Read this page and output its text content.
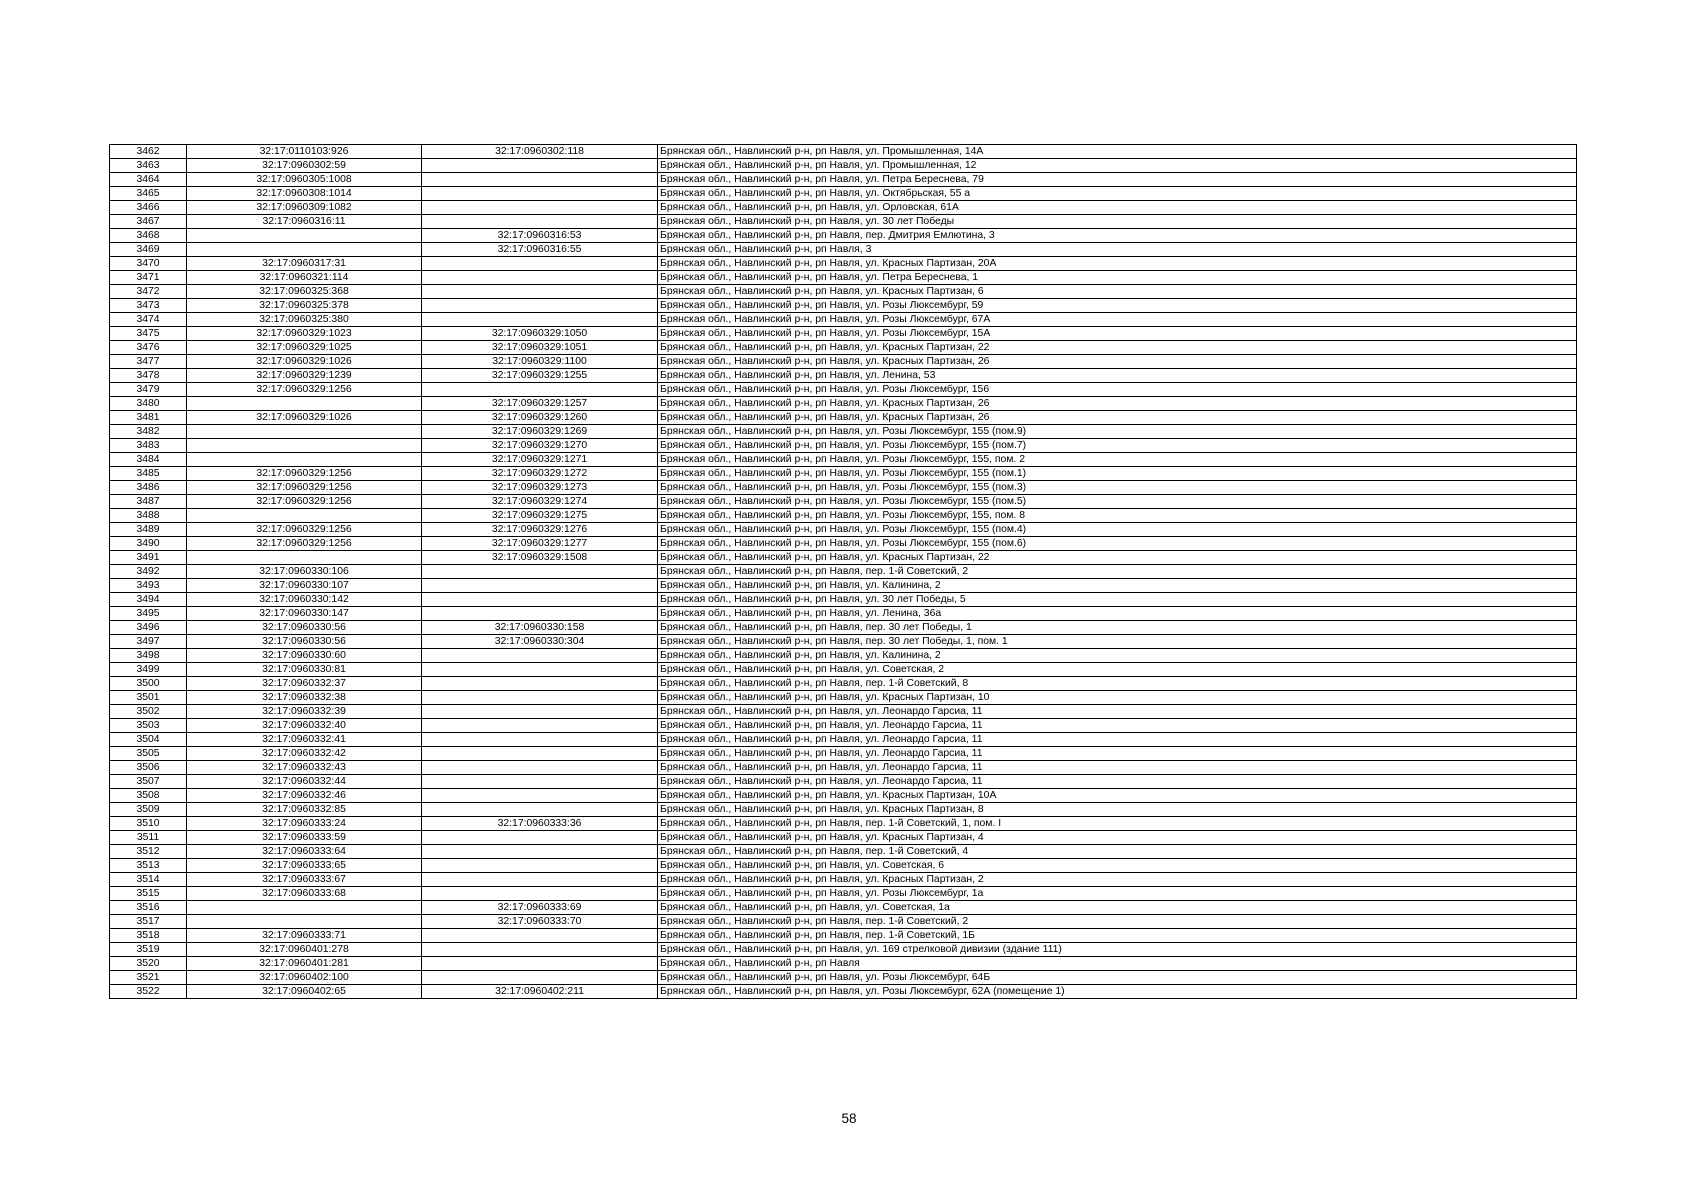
3462	32:17:0110103:926	32:17:0960302:118	Брянская обл., Навлинский р-н, рп Навля, ул. Промышленная, 14А
3463	32:17:0960302:59		Брянская обл., Навлинский р-н, рп Навля, ул. Промышленная, 12
3464	32:17:0960305:1008		Брянская обл., Навлинский р-н, рп Навля, ул. Петра Береснева, 79
3465	32:17:0960308:1014		Брянская обл., Навлинский р-н, рп Навля, ул. Октябрьская, 55 а
3466	32:17:0960309:1082		Брянская обл., Навлинский р-н, рп Навля, ул. Орловская, 61А
3467	32:17:0960316:11		Брянская обл., Навлинский р-н, рп Навля, ул. 30 лет Победы
3468		32:17:0960316:53	Брянская обл., Навлинский р-н, рп Навля, пер. Дмитрия Емлютина, 3
3469		32:17:0960316:55	Брянская обл., Навлинский р-н, рп Навля, 3
3470	32:17:0960317:31		Брянская обл., Навлинский р-н, рп Навля, ул. Красных Партизан, 20А
3471	32:17:0960321:114		Брянская обл., Навлинский р-н, рп Навля, ул. Петра Береснева, 1
3472	32:17:0960325:368		Брянская обл., Навлинский р-н, рп Навля, ул. Красных Партизан, 6
3473	32:17:0960325:378		Брянская обл., Навлинский р-н, рп Навля, ул. Розы Люксембург, 59
3474	32:17:0960325:380		Брянская обл., Навлинский р-н, рп Навля, ул. Розы Люксембург, 67А
3475	32:17:0960329:1023	32:17:0960329:1050	Брянская обл., Навлинский р-н, рп Навля, ул. Розы Люксембург, 15А
3476	32:17:0960329:1025	32:17:0960329:1051	Брянская обл., Навлинский р-н, рп Навля, ул. Красных Партизан, 22
3477	32:17:0960329:1026	32:17:0960329:1100	Брянская обл., Навлинский р-н, рп Навля, ул. Красных Партизан, 26
3478	32:17:0960329:1239	32:17:0960329:1255	Брянская обл., Навлинский р-н, рп Навля, ул. Ленина, 53
3479	32:17:0960329:1256		Брянская обл., Навлинский р-н, рп Навля, ул. Розы Люксембург, 156
3480		32:17:0960329:1257	Брянская обл., Навлинский р-н, рп Навля, ул. Красных Партизан, 26
3481	32:17:0960329:1026	32:17:0960329:1260	Брянская обл., Навлинский р-н, рп Навля, ул. Красных Партизан, 26
3482		32:17:0960329:1269	Брянская обл., Навлинский р-н, рп Навля, ул. Розы Люксембург, 155 (пом.9)
3483		32:17:0960329:1270	Брянская обл., Навлинский р-н, рп Навля, ул. Розы Люксембург, 155 (пом.7)
3484		32:17:0960329:1271	Брянская обл., Навлинский р-н, рп Навля, ул. Розы Люксембург, 155, пом. 2
3485	32:17:0960329:1256	32:17:0960329:1272	Брянская обл., Навлинский р-н, рп Навля, ул. Розы Люксембург, 155 (пом.1)
3486	32:17:0960329:1256	32:17:0960329:1273	Брянская обл., Навлинский р-н, рп Навля, ул. Розы Люксембург, 155 (пом.3)
3487	32:17:0960329:1256	32:17:0960329:1274	Брянская обл., Навлинский р-н, рп Навля, ул. Розы Люксембург, 155 (пом.5)
3488		32:17:0960329:1275	Брянская обл., Навлинский р-н, рп Навля, ул. Розы Люксембург, 155, пом. 8
3489	32:17:0960329:1256	32:17:0960329:1276	Брянская обл., Навлинский р-н, рп Навля, ул. Розы Люксембург, 155 (пом.4)
3490	32:17:0960329:1256	32:17:0960329:1277	Брянская обл., Навлинский р-н, рп Навля, ул. Розы Люксембург, 155 (пом.6)
3491		32:17:0960329:1508	Брянская обл., Навлинский р-н, рп Навля, ул. Красных Партизан, 22
3492	32:17:0960330:106		Брянская обл., Навлинский р-н, рп Навля, пер. 1-й Советский, 2
3493	32:17:0960330:107		Брянская обл., Навлинский р-н, рп Навля, ул. Калинина, 2
3494	32:17:0960330:142		Брянская обл., Навлинский р-н, рп Навля, ул. 30 лет Победы, 5
3495	32:17:0960330:147		Брянская обл., Навлинский р-н, рп Навля, ул. Ленина, 36а
3496	32:17:0960330:56	32:17:0960330:158	Брянская обл., Навлинский р-н, рп Навля, пер. 30 лет Победы, 1
3497	32:17:0960330:56	32:17:0960330:304	Брянская обл., Навлинский р-н, рп Навля, пер. 30 лет Победы, 1, пом. 1
3498	32:17:0960330:60		Брянская обл., Навлинский р-н, рп Навля, ул. Калинина, 2
3499	32:17:0960330:81		Брянская обл., Навлинский р-н, рп Навля, ул. Советская, 2
3500	32:17:0960332:37		Брянская обл., Навлинский р-н, рп Навля, пер. 1-й Советский, 8
3501	32:17:0960332:38		Брянская обл., Навлинский р-н, рп Навля, ул. Красных Партизан, 10
3502	32:17:0960332:39		Брянская обл., Навлинский р-н, рп Навля, ул. Леонардо Гарсиа, 11
3503	32:17:0960332:40		Брянская обл., Навлинский р-н, рп Навля, ул. Леонардо Гарсиа, 11
3504	32:17:0960332:41		Брянская обл., Навлинский р-н, рп Навля, ул. Леонардо Гарсиа, 11
3505	32:17:0960332:42		Брянская обл., Навлинский р-н, рп Навля, ул. Леонардо Гарсиа, 11
3506	32:17:0960332:43		Брянская обл., Навлинский р-н, рп Навля, ул. Леонардо Гарсиа, 11
3507	32:17:0960332:44		Брянская обл., Навлинский р-н, рп Навля, ул. Леонардо Гарсиа, 11
3508	32:17:0960332:46		Брянская обл., Навлинский р-н, рп Навля, ул. Красных Партизан, 10А
3509	32:17:0960332:85		Брянская обл., Навлинский р-н, рп Навля, ул. Красных Партизан, 8
3510	32:17:0960333:24	32:17:0960333:36	Брянская обл., Навлинский р-н, рп Навля, пер. 1-й Советский, 1, пом. I
3511	32:17:0960333:59		Брянская обл., Навлинский р-н, рп Навля, ул. Красных Партизан, 4
3512	32:17:0960333:64		Брянская обл., Навлинский р-н, рп Навля, пер. 1-й Советский, 4
3513	32:17:0960333:65		Брянская обл., Навлинский р-н, рп Навля, ул. Советская, 6
3514	32:17:0960333:67		Брянская обл., Навлинский р-н, рп Навля, ул. Красных Партизан, 2
3515	32:17:0960333:68		Брянская обл., Навлинский р-н, рп Навля, ул. Розы Люксембург, 1а
3516		32:17:0960333:69	Брянская обл., Навлинский р-н, рп Навля, ул. Советская, 1а
3517		32:17:0960333:70	Брянская обл., Навлинский р-н, рп Навля, пер. 1-й Советский, 2
3518	32:17:0960333:71		Брянская обл., Навлинский р-н, рп Навля, пер. 1-й Советский, 1Б
3519	32:17:0960401:278		Брянская обл., Навлинский р-н, рп Навля, ул. 169 стрелковой дивизии (здание 111)
3520	32:17:0960401:281		Брянская обл., Навлинский р-н, рп Навля
3521	32:17:0960402:100		Брянская обл., Навлинский р-н, рп Навля, ул. Розы Люксембург, 64Б
3522	32:17:0960402:65	32:17:0960402:211	Брянская обл., Навлинский р-н, рп Навля, ул. Розы Люксембург, 62А (помещение 1)
58
